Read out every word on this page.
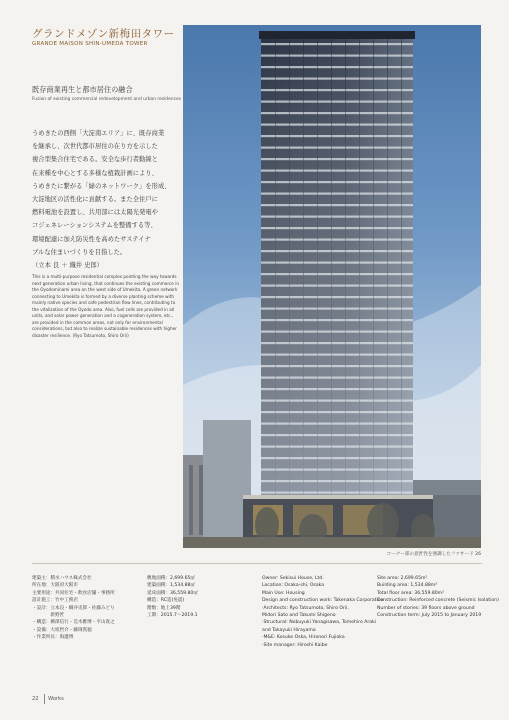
グランドメゾン新梅田タワー
GRANDE MAISON SHIN-UMEDA TOWER
既存商業再生と都市居住の融合
Fusion of existing commercial redevelopment and urban residences
うめきたの西側「大淀南エリア」に、既存商業
を継承し、次世代都市居住の在り方を示した
複合型集合住宅である。安全な歩行者動線と
在来種を中心とする多様な植栽計画により、
うめきたに繋がる「緑のネットワーク」を形成、
大淀地区の活性化に貢献する。また全住戸に
燃料電池を設置し、共用部には太陽光発電や
コジェネレーションシステムを整備する等、
環境配慮に加え防災性を高めたサステイナ
ブルな住まいづくりを目指した。
（立本 良 ＋ 織井 史郎）
This is a multi-purpose residential complex pointing the way towards
next generation urban living, that continues the existing commerce in
the Oyodominami area on the west side of Umekita. A green network
connecting to Umekita is formed by a diverse planting scheme with
mainly native species and safe pedestrian flow lines, contributing to
the vitalization of the Oyodo area. Also, fuel cells are provided in all
units, and solar power generation and a cogeneration system, etc.,
are provided in the common areas, not only for environmental
considerations, but also to realize sustainable residences with higher
disaster resilience. (Ryo Tatsumoto, Shiro Orii)
コーナー部の意匠性を強調したファサード 26
建築主：積水ハウス株式会社
所在地：大阪府大阪市
主要用途：共同住宅・飲食店舗・事務所
設計施工：竹中工務店
・設計：立本良・織井史郎・佐藤みどり
　　　　新野匠
・構造：柳澤信行・荒木雅博・平山貴之
・設備：大坂哲介・藤岡貫徳
・作業所長：海邊博
敷地面積：2,699.65㎡
建築面積：1,534.88㎡
延床面積：36,559.80㎡
構造：RC造(免震)
階数：地上39階
工期：2015.7〜2019.1
Owner: Sekisui House, Ltd.
Location: Osaka-shi, Osaka
Main Use: Housing
Design and construction work: Takenaka Corporation
·Architects: Ryo Tatsumoto, Shiro Orii,
Midori Sato and Takumi Shigeno
·Structural: Nobuyuki Yanagisawa, Tomohiro Araki
and Takayuki Hirayama
·M&E: Kosuke Oska, Hironori Fujioka
·Site manager: Hiroshi Kaibe
Site area: 2,699.65m²
Building area: 1,534.88m²
Total floor area: 36,559.80m²
Construction: Reinforced concrete (Seismic Isolation)
Number of stories: 39 floors above ground
Construction term: July 2015 to January 2019
22 Works
